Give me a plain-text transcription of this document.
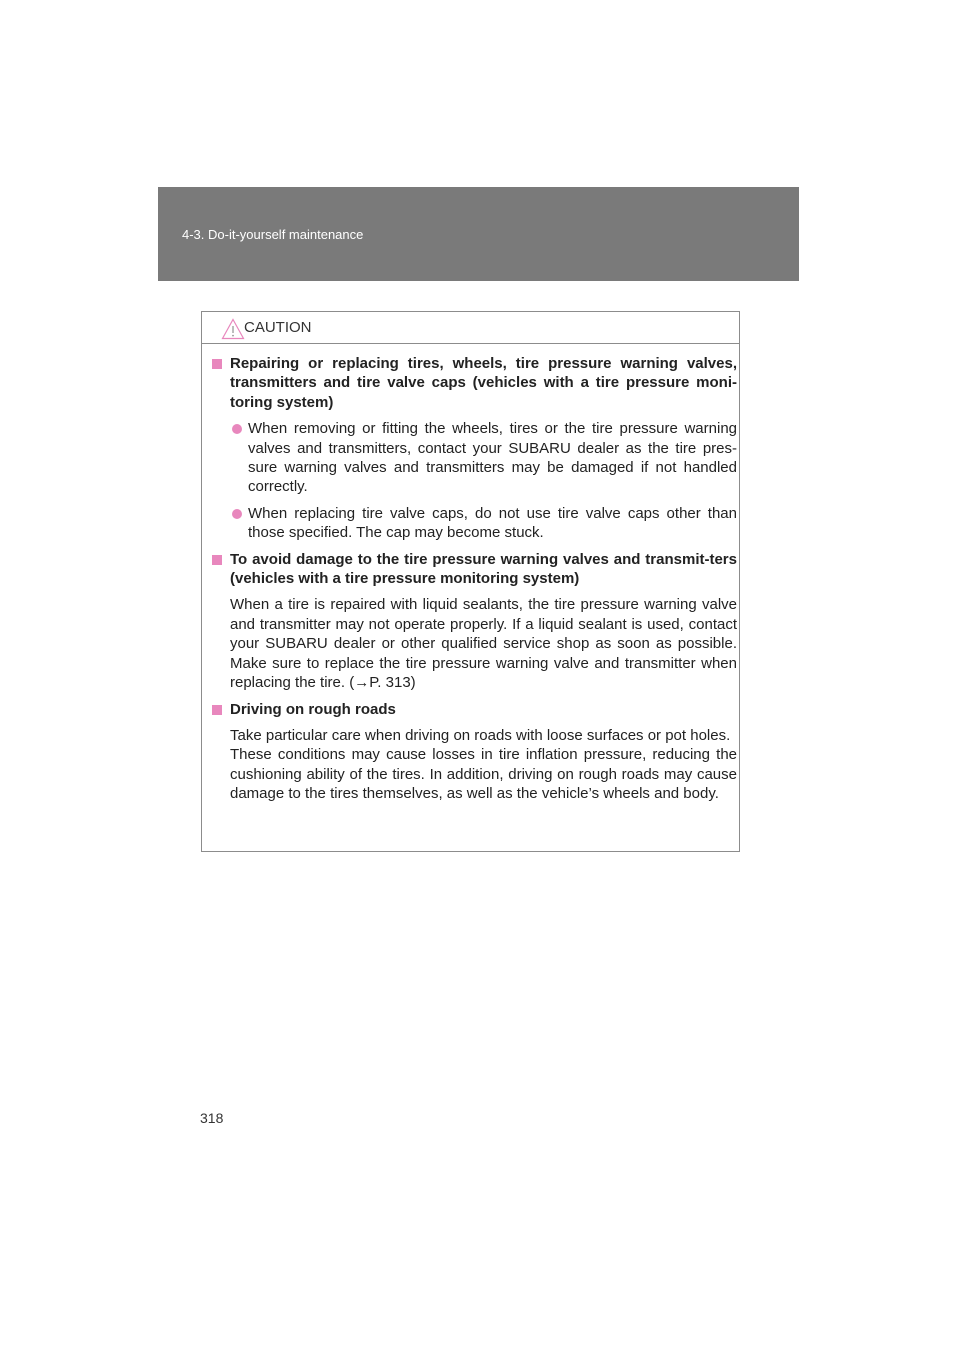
4-3. Do-it-yourself maintenance
CAUTION

Repairing or replacing tires, wheels, tire pressure warning valves, transmitters and tire valve caps (vehicles with a tire pressure moni-toring system)

When removing or fitting the wheels, tires or the tire pressure warning valves and transmitters, contact your SUBARU dealer as the tire pres-sure warning valves and transmitters may be damaged if not handled correctly.

When replacing tire valve caps, do not use tire valve caps other than those specified. The cap may become stuck.

To avoid damage to the tire pressure warning valves and transmit-ters (vehicles with a tire pressure monitoring system)

When a tire is repaired with liquid sealants, the tire pressure warning valve and transmitter may not operate properly. If a liquid sealant is used, contact your SUBARU dealer or other qualified service shop as soon as possible. Make sure to replace the tire pressure warning valve and transmitter when replacing the tire. (→P. 313)

Driving on rough roads

Take particular care when driving on roads with loose surfaces or pot holes.

These conditions may cause losses in tire inflation pressure, reducing the cushioning ability of the tires. In addition, driving on rough roads may cause damage to the tires themselves, as well as the vehicle’s wheels and body.

318
